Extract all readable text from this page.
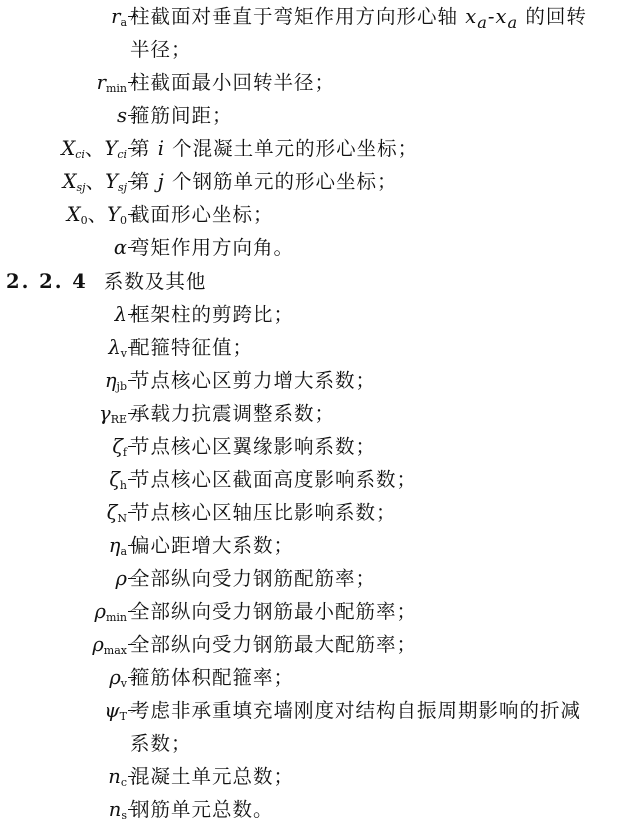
$r_a$ 柱截面对垂直于弯矩作用方向形心轴 $x_a-x_a$ 的回转
半径；
$r_{min}$ 柱截面最小回转半径；
s 箍筋间距；
$X_{ci}$、$Y_{ci}$ 第 i 个混凝土单元的形心坐标；
$X_{sj}$、$Y_{sj}$ 第 j 个钢筋单元的形心坐标；
$X_0$、$Y_0$ 截面形心坐标；
α 弯矩作用方向角。
2. 2. 4 系数及其他
λ 框架柱的剪跨比；
$\lambda_v$ 配箍特征值；
$\eta_{jb}$ 节点核心区剪力增大系数；
$\gamma_{RE}$ 承载力抗震调整系数；
$\zeta_f$ 节点核心区翼缘影响系数；
$\zeta_h$ 节点核心区截面高度影响系数；
$\zeta_N$ 节点核心区轴压比影响系数；
$\eta_a$ 偏心距增大系数；
ρ 全部纵向受力钢筋配筋率；
$\rho_{min}$ 全部纵向受力钢筋最小配筋率；
$\rho_{max}$ 全部纵向受力钢筋最大配筋率；
$\rho_v$ 箍筋体积配箍率；
$\psi_T$ 考虑非承重填充墙刚度对结构自振周期影响的折减
系数；
$n_c$ 混凝土单元总数；
$n_s$ 钢筋单元总数。
